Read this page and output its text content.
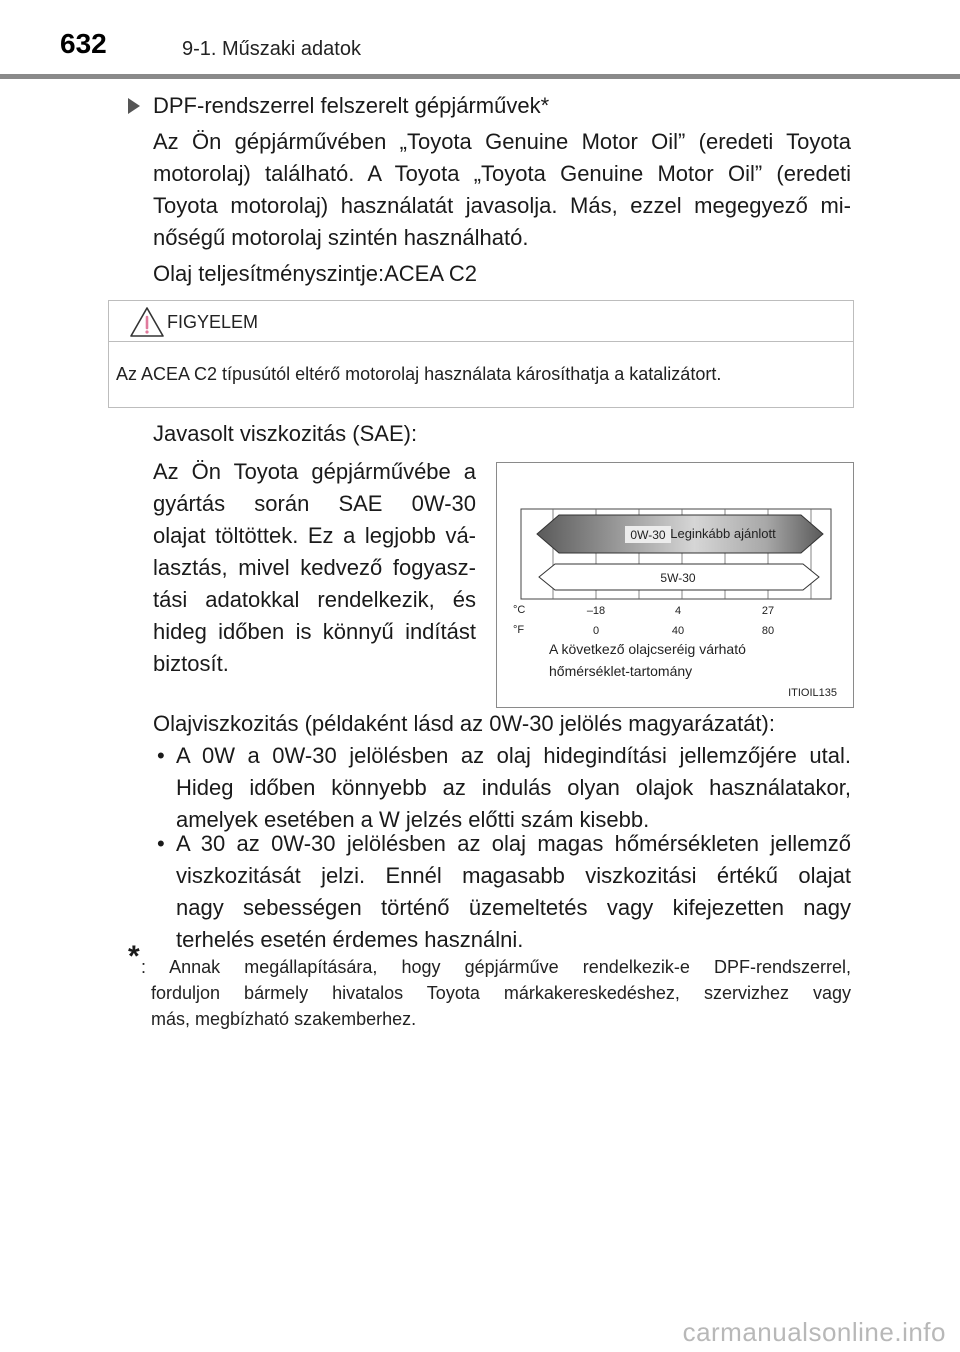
632	9-1. Műszaki adatok
DPF-rendszerrel felszerelt gépjárművek*
Az Ön gépjárművében „Toyota Genuine Motor Oil” (eredeti Toyota
motorolaj) található. A Toyota „Toyota Genuine Motor Oil” (eredeti
Toyota motorolaj) használatát javasolja. Más, ezzel megegyező mi-
nőségű motorolaj szintén használható.
Olaj teljesítményszintje:ACEA C2
FIGYELEM
Az ACEA C2 típusútól eltérő motorolaj használata károsíthatja a katalizátort.
Javasolt viszkozitás (SAE):
Az Ön Toyota gépjárművébe a
gyártás során SAE 0W-30
olajat töltöttek. Ez a legjobb vá-
lasztás, mivel kedvező fogyasz-
tási adatokkal rendelkezik, és
hideg időben is könnyű indítást
biztosít.
0W-30 Leginkább ajánlott
5W-30
°C
°F
–18	4	27
0	40	80
A következő olajcseréig várható
hőmérséklet-tartomány
ITIOIL135
Olajviszkozitás (példaként lásd az 0W-30 jelölés magyarázatát):
• A 0W a 0W-30 jelölésben az olaj hidegindítási jellemzőjére utal.
Hideg időben könnyebb az indulás olyan olajok használatakor,
amelyek esetében a W jelzés előtti szám kisebb.
• A 30 az 0W-30 jelölésben az olaj magas hőmérsékleten jellemző
viszkozitását jelzi. Ennél magasabb viszkozitási értékű olajat
nagy sebességen történő üzemeltetés vagy kifejezetten nagy
terhelés esetén érdemes használni.
* : Annak megállapítására, hogy gépjárműve rendelkezik-e DPF-rendszerrel,
forduljon bármely hivatalos Toyota márkakereskedéshez, szervizhez vagy
más, megbízható szakemberhez.
carmanualsonline.info
